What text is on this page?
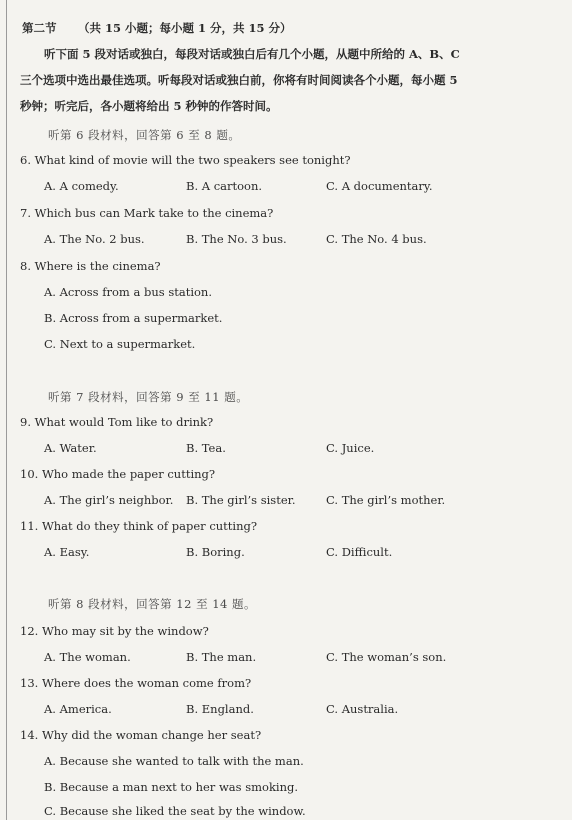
第二节 （共 15 小题；每小题 1 分，共 15 分）
听下面 5 段对话或独白，每段对话或独白后有几个小题，从题中所给的 A、B、C
三个选项中选出最佳选项。听每段对话或独白前，你将有时间阅读各个小题，每小题 5
秒钟；听完后，各小题将给出 5 秒钟的作答时间。
听第 6 段材料，回答第 6 至 8 题。
6. What kind of movie will the two speakers see tonight?
A. A comedy.	B. A cartoon.	C. A documentary.
7. Which bus can Mark take to the cinema?
A. The No. 2 bus.	B. The No. 3 bus.	C. The No. 4 bus.
8. Where is the cinema?
A. Across from a bus station.
B. Across from a supermarket.
C. Next to a supermarket.
听第 7 段材料，回答第 9 至 11 题。
9. What would Tom like to drink?
A. Water.	B. Tea.	C. Juice.
10. Who made the paper cutting?
A. The girl’s neighbor. B. The girl’s sister.	C. The girl’s mother.
11. What do they think of paper cutting?
A. Easy.	B. Boring.	C. Difficult.
听第 8 段材料，回答第 12 至 14 题。
12. Who may sit by the window?
A. The woman.	B. The man.	C. The woman’s son.
13. Where does the woman come from?
A. America.	B. England.	C. Australia.
14. Why did the woman change her seat?
A. Because she wanted to talk with the man.
B. Because a man next to her was smoking.
C. Because she liked the seat by the window.
